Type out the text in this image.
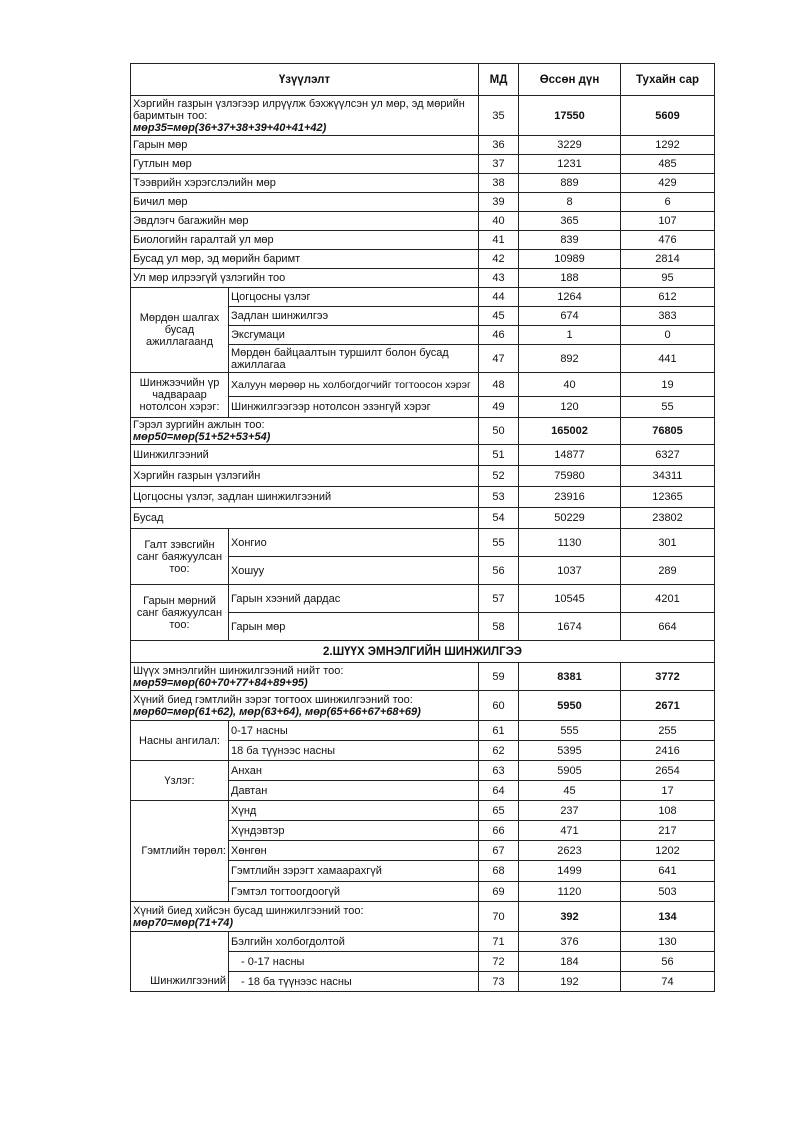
Үзүүлэлт		МД	Өссөн дүн	Тухайн сар

Хэргийн газрын үзлэгээр илрүүлж бэхжүүлсэн ул мөр, эд мөрийн баримтын тоо:
мөр35=мөр(36+37+38+39+40+41+42)		35	17550	5609
Гарын мөр		36	3229	1292
Гутлын мөр		37	1231	485
Тээврийн хэрэгслэлийн мөр		38	889	429
Бичил мөр		39	8	6
Эвдлэгч багажийн мөр		40	365	107
Биологийн гаралтай ул мөр		41	839	476
Бусад ул мөр, эд мөрийн баримт		42	10989	2814
Ул мөр илрээгүй үзлэгийн тоо		43	188	95
Мөрдөн шалгах бусад ажиллагаанд	Цогцосны үзлэг	44	1264	612
	Задлан шинжилгээ	45	674	383
	Эксгумаци	46	1	0
	Мөрдөн байцаалтын туршилт болон бусад ажиллагаа	47	892	441
Шинжээчийн үр чадвараар нотолсон хэрэг:	Халуун мөрөөр нь холбогдогчийг тогтоосон хэрэг	48	40	19
	Шинжилгээгээр нотолсон эзэнгүй хэрэг	49	120	55

Гэрэл зургийн ажлын тоо:
мөр50=мөр(51+52+53+54)		50	165002	76805
Шинжилгээний		51	14877	6327
Хэргийн газрын үзлэгийн		52	75980	34311
Цогцосны үзлэг, задлан шинжилгээний		53	23916	12365
Бусад		54	50229	23802
Галт зэвсгийн санг баяжуулсан тоо:	Хонгио	55	1130	301
	Хошуу	56	1037	289
Гарын мөрний санг баяжуулсан тоо:	Гарын хээний дардас	57	10545	4201
	Гарын мөр	58	1674	664
2.ШҮҮХ ЭМНЭЛГИЙН ШИНЖИЛГЭЭ				

Шүүх эмнэлгийн шинжилгээний нийт тоо:
мөр59=мөр(60+70+77+84+89+95)		59	8381	3772

Хүний биед гэмтлийн зэрэг тогтоох шинжилгээний тоо:
мөр60=мөр(61+62), мөр(63+64), мөр(65+66+67+68+69)		60	5950	2671
Насны ангилал:	0-17 насны	61	555	255
	18 ба түүнээс насны	62	5395	2416
Үзлэг:	Анхан	63	5905	2654
	Давтан	64	45	17
Гэмтлийн төрөл:	Хүнд	65	237	108
	Хүндэвтэр	66	471	217
	Хөнгөн	67	2623	1202
	Гэмтлийн зэрэгт хамаарахгүй	68	1499	641
	Гэмтэл тогтоогдоогүй	69	1120	503

Хүний биед хийсэн бусад шинжилгээний тоо:
мөр70=мөр(71+74)		70	392	134
Шинжилгээний	Бэлгийн холбогдолтой	71	376	130
	- 0-17 насны	72	184	56
	- 18 ба түүнээс насны	73	192	74
